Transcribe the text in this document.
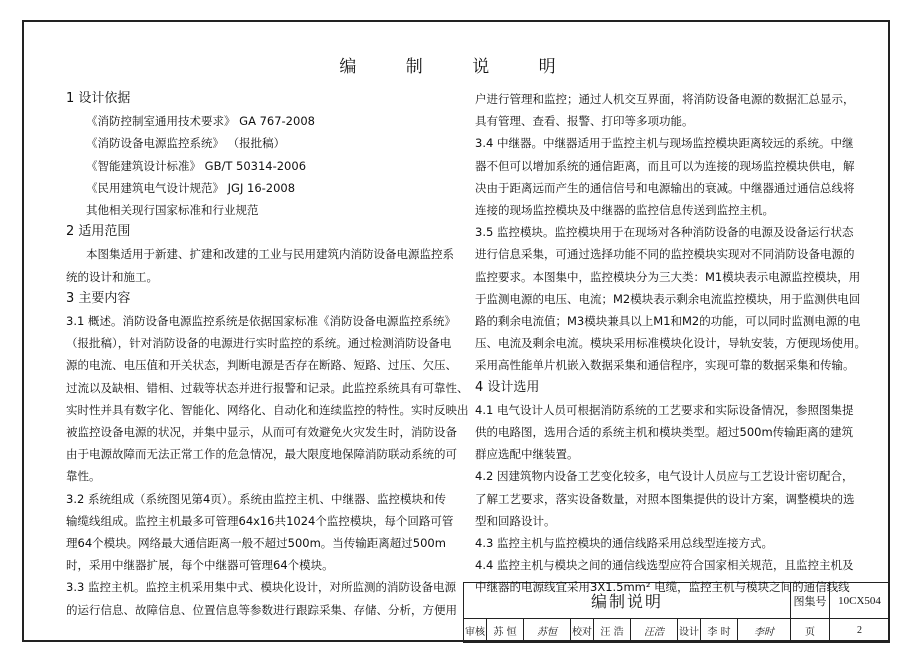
编 制 说 明

1 设计依据

《消防控制室通用技术要求》 GA 767-2008

《消防设备电源监控系统》 （报批稿）

《智能建筑设计标准》 GB/T 50314-2006

《民用建筑电气设计规范》 JGJ 16-2008

其他相关现行国家标准和行业规范

2 适用范围

本图集适用于新建、扩建和改建的工业与民用建筑内消防设备电源监控系

统的设计和施工。

3 主要内容

3.1 概述。消防设备电源监控系统是依据国家标准《消防设备电源监控系统》

（报批稿），针对消防设备的电源进行实时监控的系统。通过检测消防设备电

源的电流、电压值和开关状态，判断电源是否存在断路、短路、过压、欠压、

过流以及缺相、错相、过载等状态并进行报警和记录。此监控系统具有可靠性、

实时性并具有数字化、智能化、网络化、自动化和连续监控的特性。实时反映出

被监控设备电源的状况，并集中显示，从而可有效避免火灾发生时，消防设备

由于电源故障而无法正常工作的危急情况，最大限度地保障消防联动系统的可

靠性。

3.2 系统组成（系统图见第4页）。系统由监控主机、中继器、监控模块和传

输缆线组成。监控主机最多可管理64x16共1024个监控模块，每个回路可管

理64个模块。网络最大通信距离一般不超过500m。当传输距离超过500m

时，采用中继器扩展，每个中继器可管理64个模块。

3.3 监控主机。监控主机采用集中式、模块化设计，对所监测的消防设备电源

的运行信息、故障信息、位置信息等参数进行跟踪采集、存储、分析，方便用

户进行管理和监控；通过人机交互界面，将消防设备电源的数据汇总显示，

具有管理、查看、报警、打印等多项功能。

3.4 中继器。中继器适用于监控主机与现场监控模块距离较远的系统。中继

器不但可以增加系统的通信距离，而且可以为连接的现场监控模块供电，解

决由于距离远而产生的通信信号和电源输出的衰减。中继器通过通信总线将

连接的现场监控模块及中继器的监控信息传送到监控主机。

3.5 监控模块。监控模块用于在现场对各种消防设备的电源及设备运行状态

进行信息采集，可通过选择功能不同的监控模块实现对不同消防设备电源的

监控要求。本图集中，监控模块分为三大类：M1模块表示电源监控模块，用

于监测电源的电压、电流；M2模块表示剩余电流监控模块，用于监测供电回

路的剩余电流值；M3模块兼具以上M1和M2的功能，可以同时监测电源的电

压、电流及剩余电流。模块采用标准模块化设计，导轨安装，方便现场使用。

采用高性能单片机嵌入数据采集和通信程序，实现可靠的数据采集和传输。

4 设计选用

4.1 电气设计人员可根据消防系统的工艺要求和实际设备情况，参照图集提

供的电路图，选用合适的系统主机和模块类型。超过500m传输距离的建筑

群应选配中继装置。

4.2 因建筑物内设备工艺变化较多，电气设计人员应与工艺设计密切配合，

了解工艺要求，落实设备数量，对照本图集提供的设计方案，调整模块的选

型和回路设计。

4.3 监控主机与监控模块的通信线路采用总线型连接方式。

4.4 监控主机与模块之间的通信线选型应符合国家相关规范，且监控主机及

中继器的电源线宜采用3X1.5mm² 电缆，监控主机与模块之间的通信线线

编制说明									图集号	10CX504
审核	苏 恒	苏恒	校对	汪 浩	汪浩	设计	李 时	李时	页	2
